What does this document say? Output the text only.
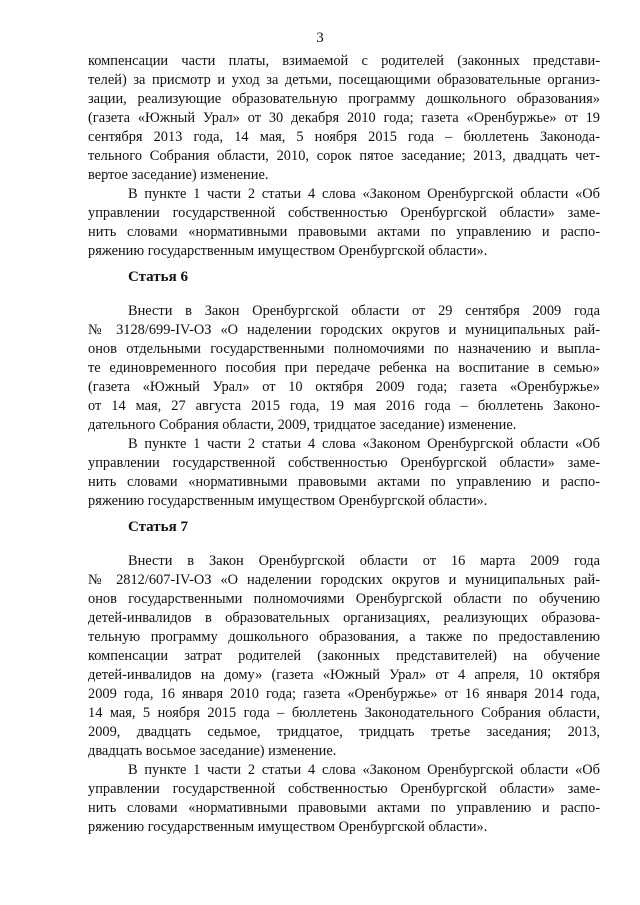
3
компенсации части платы, взимаемой с родителей (законных представи-
телей) за присмотр и уход за детьми, посещающими образовательные организ-
зации, реализующие образовательную программу дошкольного образования»
(газета «Южный Урал» от 30 декабря 2010 года; газета «Оренбуржье» от 19
сентября 2013 года, 14 мая, 5 ноября 2015 года – бюллетень Законода-
тельного Собрания области, 2010, сорок пятое заседание; 2013, двадцать чет-
вертое заседание) изменение.
В пункте 1 части 2 статьи 4 слова «Законом Оренбургской области «Об
управлении государственной собственностью Оренбургской области» заме-
нить словами «нормативными правовыми актами по управлению и распо-
ряжению государственным имуществом Оренбургской области».
Статья 6
Внести в Закон Оренбургской области от 29 сентября 2009 года
№ 3128/699-IV-ОЗ «О наделении городских округов и муниципальных рай-
онов отдельными государственными полномочиями по назначению и выпла-
те единовременного пособия при передаче ребенка на воспитание в семью»
(газета «Южный Урал» от 10 октября 2009 года; газета «Оренбуржье»
от 14 мая, 27 августа 2015 года, 19 мая 2016 года – бюллетень Законо-
дательного Собрания области, 2009, тридцатое заседание) изменение.
В пункте 1 части 2 статьи 4 слова «Законом Оренбургской области «Об
управлении государственной собственностью Оренбургской области» заме-
нить словами «нормативными правовыми актами по управлению и распо-
ряжению государственным имуществом Оренбургской области».
Статья 7
Внести в Закон Оренбургской области от 16 марта 2009 года
№ 2812/607-IV-ОЗ «О наделении городских округов и муниципальных рай-
онов государственными полномочиями Оренбургской области по обучению
детей-инвалидов в образовательных организациях, реализующих образова-
тельную программу дошкольного образования, а также по предоставлению
компенсации затрат родителей (законных представителей) на обучение
детей-инвалидов на дому» (газета «Южный Урал» от 4 апреля, 10 октября
2009 года, 16 января 2010 года; газета «Оренбуржье» от 16 января 2014 года,
14 мая, 5 ноября 2015 года – бюллетень Законодательного Собрания области,
2009, двадцать седьмое, тридцатое, тридцать третье заседания; 2013,
двадцать восьмое заседание) изменение.
В пункте 1 части 2 статьи 4 слова «Законом Оренбургской области «Об
управлении государственной собственностью Оренбургской области» заме-
нить словами «нормативными правовыми актами по управлению и распо-
ряжению государственным имуществом Оренбургской области».
